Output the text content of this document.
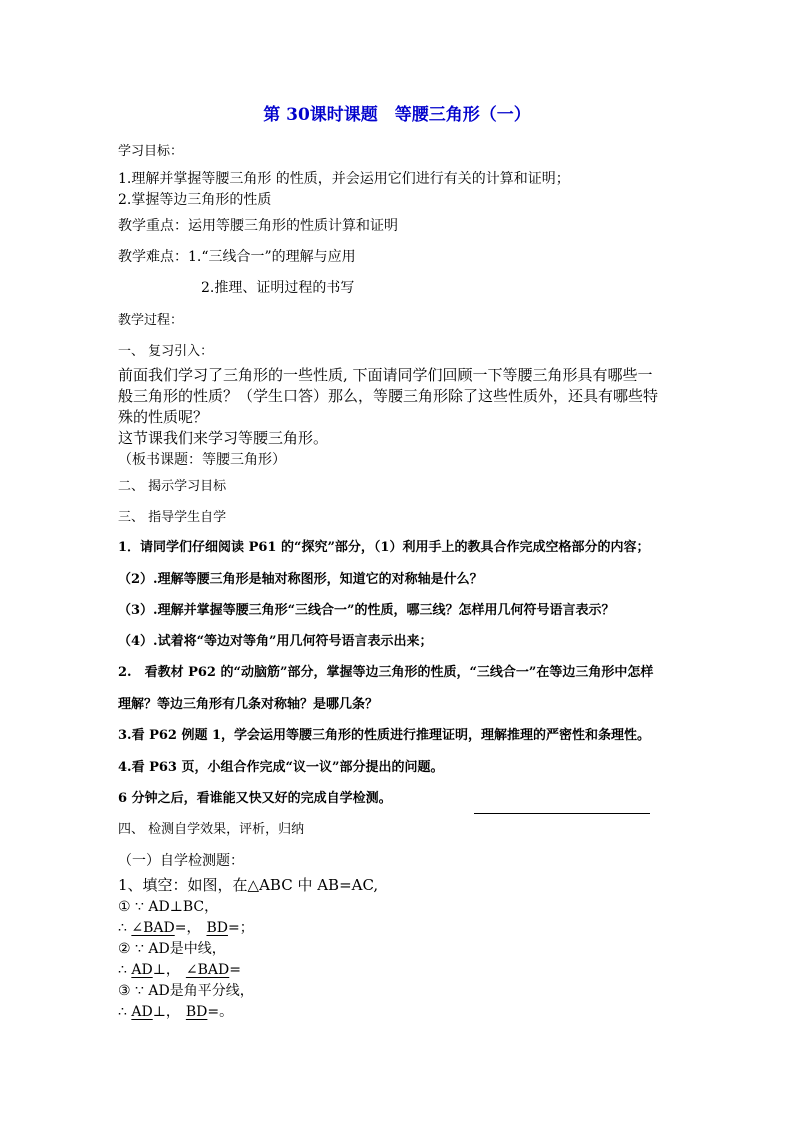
第 30课时课题　等腰三角形（一）
学习目标：
1.理解并掌握等腰三角形 的性质，并会运用它们进行有关的计算和证明；
2.掌握等边三角形的性质
教学重点：运用等腰三角形的性质计算和证明
教学难点：1.“三线合一”的理解与应用
2.推理、证明过程的书写
教学过程：
一、 复习引入：
前面我们学习了三角形的一些性质, 下面请同学们回顾一下等腰三角形具有哪些一
般三角形的性质？（学生口答）那么，等腰三角形除了这些性质外，还具有哪些特
殊的性质呢？
这节课我们来学习等腰三角形。
（板书课题：等腰三角形）
二、 揭示学习目标
三、 指导学生自学
1．请同学们仔细阅读 P61 的“探究”部分，（1）利用手上的教具合作完成空格部分的内容；
（2）.理解等腰三角形是轴对称图形，知道它的对称轴是什么？
（3）.理解并掌握等腰三角形“三线合一”的性质，哪三线？怎样用几何符号语言表示？
（4）.试着将“等边对等角”用几何符号语言表示出来；
2.　看教材 P62 的“动脑筋”部分，掌握等边三角形的性质，“三线合一”在等边三角形中怎样
理解？等边三角形有几条对称轴？是哪几条？
3.看 P62 例题 1，学会运用等腰三角形的性质进行推理证明，理解推理的严密性和条理性。
4.看 P63 页，小组合作完成“议一议”部分提出的问题。
6 分钟之后，看谁能又快又好的完成自学检测。
四、 检测自学效果，评析，归纳
（一）自学检测题：
1、填空：如图，在△ABC 中 AB=AC,
① ∵ AD⊥BC，
∴ ∠BAD=， BD=；
② ∵ AD是中线，
∴ AD⊥， ∠BAD=
③ ∵ AD是角平分线，
∴ AD⊥， BD=。
